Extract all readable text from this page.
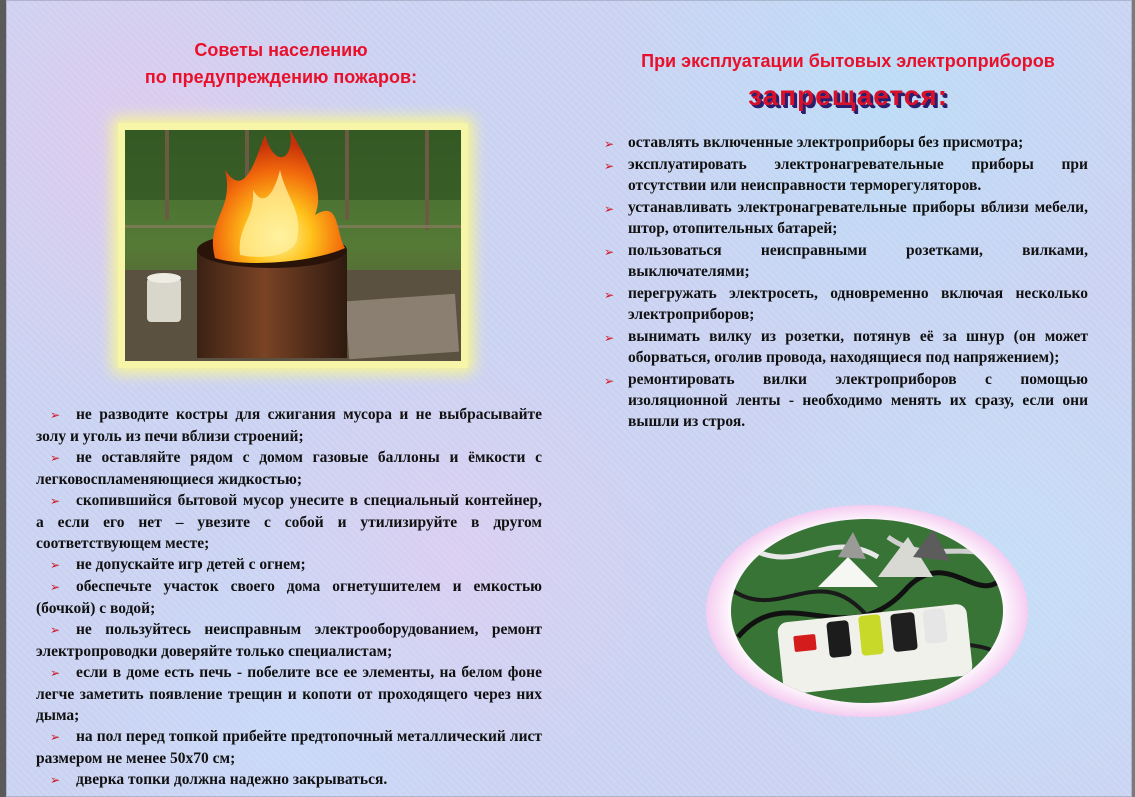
Советы населению
по предупреждению пожаров:
При эксплуатации бытовых электроприборов
запрещается:
➢ не разводите костры для сжигания мусора и не выбрасывайте золу и уголь из печи вблизи строений;
➢ не оставляйте рядом с домом газовые баллоны и ёмкости с легковоспламеняющиеся жидкостью;
➢ скопившийся бытовой мусор унесите в специальный контейнер, а если его нет – увезите с собой и утилизируйте в другом соответствующем месте;
➢ не допускайте игр детей с огнем;
➢ обеспечьте участок своего дома огнетушителем и емкостью (бочкой) с водой;
➢ не пользуйтесь неисправным электрооборудованием, ремонт электропроводки доверяйте только специалистам;
➢ если в доме есть печь - побелите все ее элементы, на белом фоне легче заметить появление трещин и копоти от проходящего через них дыма;
➢ на пол перед топкой прибейте предтопочный металлический лист размером не менее 50х70 см;
➢ дверка топки должна надежно закрываться.
➢ оставлять включенные электроприборы без присмотра;
➢ эксплуатировать электронагревательные приборы при отсутствии или неисправности терморегуляторов.
➢ устанавливать электронагревательные приборы вблизи мебели, штор, отопительных батарей;
➢ пользоваться неисправными розетками, вилками, выключателями;
➢ перегружать электросеть, одновременно включая несколько электроприборов;
➢ вынимать вилку из розетки, потянув её за шнур (он может оборваться, оголив провода, находящиеся под напряжением);
➢ ремонтировать вилки электроприборов с помощью изоляционной ленты - необходимо менять их сразу, если они вышли из строя.
